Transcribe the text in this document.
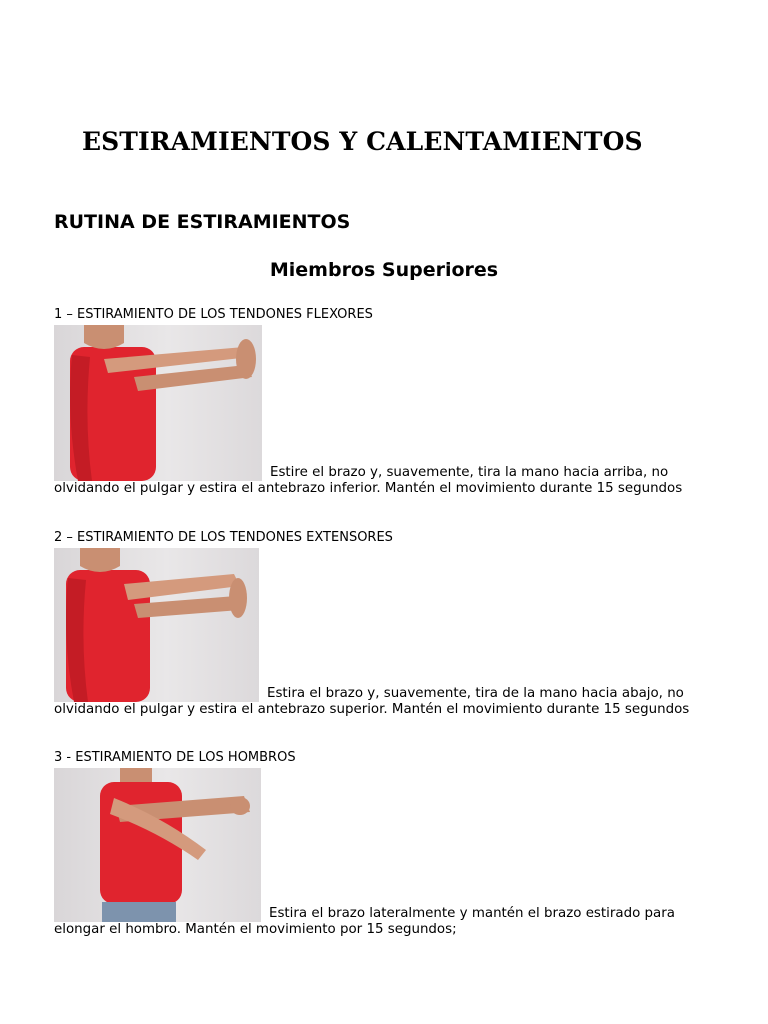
ESTIRAMIENTOS Y CALENTAMIENTOS
RUTINA DE ESTIRAMIENTOS
Miembros Superiores

1 – ESTIRAMIENTO DE LOS TENDONES FLEXORES

Estire el brazo y, suavemente, tira la mano hacia arriba, no olvidando el pulgar y estira el antebrazo inferior. Mantén el movimiento durante 15 segundos

2 – ESTIRAMIENTO DE LOS TENDONES EXTENSORES

Estira el brazo y, suavemente, tira de la mano hacia abajo, no olvidando el pulgar y estira el antebrazo superior. Mantén el movimiento durante 15 segundos

3 - ESTIRAMIENTO DE LOS HOMBROS

Estira el brazo lateralmente y mantén el brazo estirado para elongar el hombro. Mantén el movimiento por 15 segundos;
